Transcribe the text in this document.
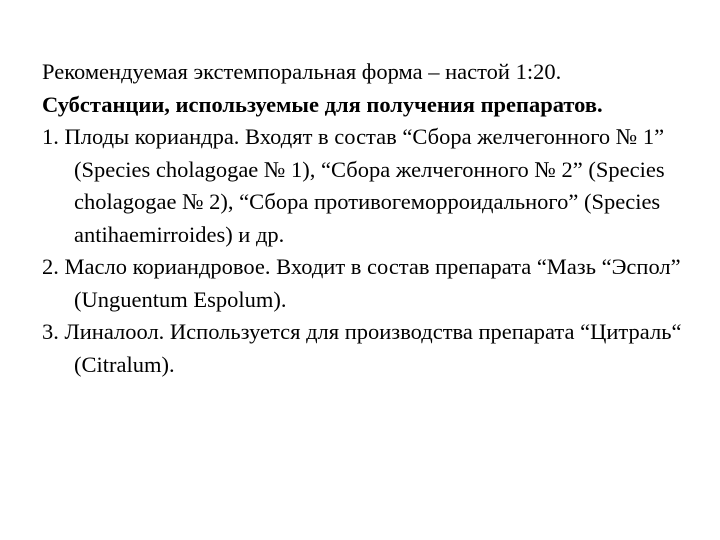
Рекомендуемая экстемпоральная форма – настой 1:20.

Субстанции, используемые для получения препаратов.

1. Плоды кориандра. Входят в состав “Сбора желчегонного № 1” (Species cholagogae № 1), “Сбора желчегонного № 2” (Species cholagogae № 2), “Сбора противогеморроидального” (Species antihaemirroides) и др.

2. Масло кориандровое. Входит в состав препарата “Мазь “Эспол” (Unguentum Espolum).

3. Линалоол. Используется для производства препарата “Цитраль“ (Citralum).
